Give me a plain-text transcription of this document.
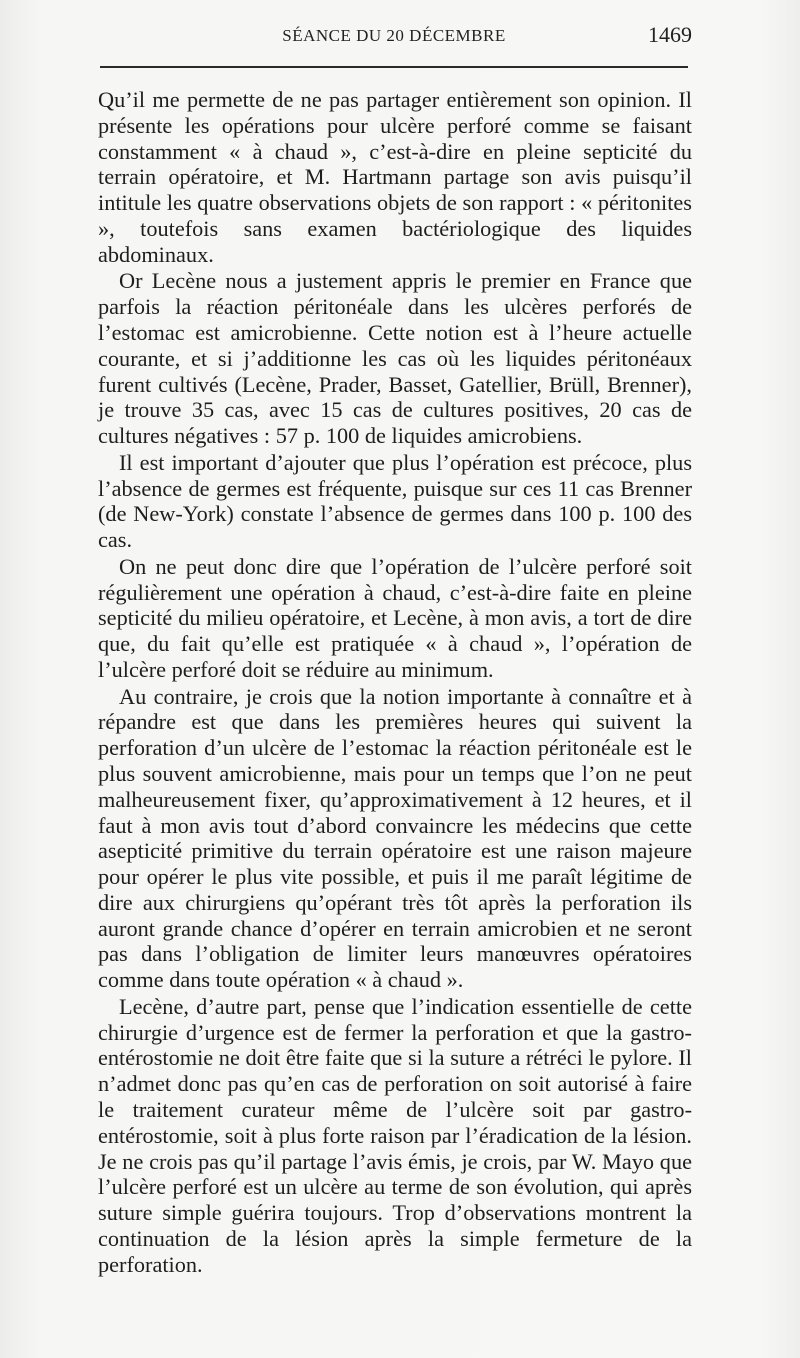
SÉANCE DU 20 DÉCEMBRE	1469

Qu’il me permette de ne pas partager entièrement son opinion. Il présente les opérations pour ulcère perforé comme se faisant constamment « à chaud », c’est-à-dire en pleine septicité du terrain opératoire, et M. Hartmann partage son avis puisqu’il intitule les quatre observations objets de son rapport : « péritonites », toutefois sans examen bactériologique des liquides abdominaux.

Or Lecène nous a justement appris le premier en France que parfois la réaction péritonéale dans les ulcères perforés de l’estomac est amicrobienne. Cette notion est à l’heure actuelle courante, et si j’additionne les cas où les liquides péritonéaux furent cultivés (Lecène, Prader, Basset, Gatellier, Brüll, Brenner), je trouve 35 cas, avec 15 cas de cultures positives, 20 cas de cultures négatives : 57 p. 100 de liquides amicrobiens.

Il est important d’ajouter que plus l’opération est précoce, plus l’absence de germes est fréquente, puisque sur ces 11 cas Brenner (de New-York) constate l’absence de germes dans 100 p. 100 des cas.

On ne peut donc dire que l’opération de l’ulcère perforé soit régulièrement une opération à chaud, c’est-à-dire faite en pleine septicité du milieu opératoire, et Lecène, à mon avis, a tort de dire que, du fait qu’elle est pratiquée « à chaud », l’opération de l’ulcère perforé doit se réduire au minimum.

Au contraire, je crois que la notion importante à connaître et à répandre est que dans les premières heures qui suivent la perforation d’un ulcère de l’estomac la réaction péritonéale est le plus souvent amicrobienne, mais pour un temps que l’on ne peut malheureusement fixer, qu’approximativement à 12 heures, et il faut à mon avis tout d’abord convaincre les médecins que cette asepticité primitive du terrain opératoire est une raison majeure pour opérer le plus vite possible, et puis il me paraît légitime de dire aux chirurgiens qu’opérant très tôt après la perforation ils auront grande chance d’opérer en terrain amicrobien et ne seront pas dans l’obligation de limiter leurs manœuvres opératoires comme dans toute opération « à chaud ».

Lecène, d’autre part, pense que l’indication essentielle de cette chirurgie d’urgence est de fermer la perforation et que la gastro-entérostomie ne doit être faite que si la suture a rétréci le pylore. Il n’admet donc pas qu’en cas de perforation on soit autorisé à faire le traitement curateur même de l’ulcère soit par gastro-entérostomie, soit à plus forte raison par l’éradication de la lésion. Je ne crois pas qu’il partage l’avis émis, je crois, par W. Mayo que l’ulcère perforé est un ulcère au terme de son évolution, qui après suture simple guérira toujours. Trop d’observations montrent la continuation de la lésion après la simple fermeture de la perforation.
